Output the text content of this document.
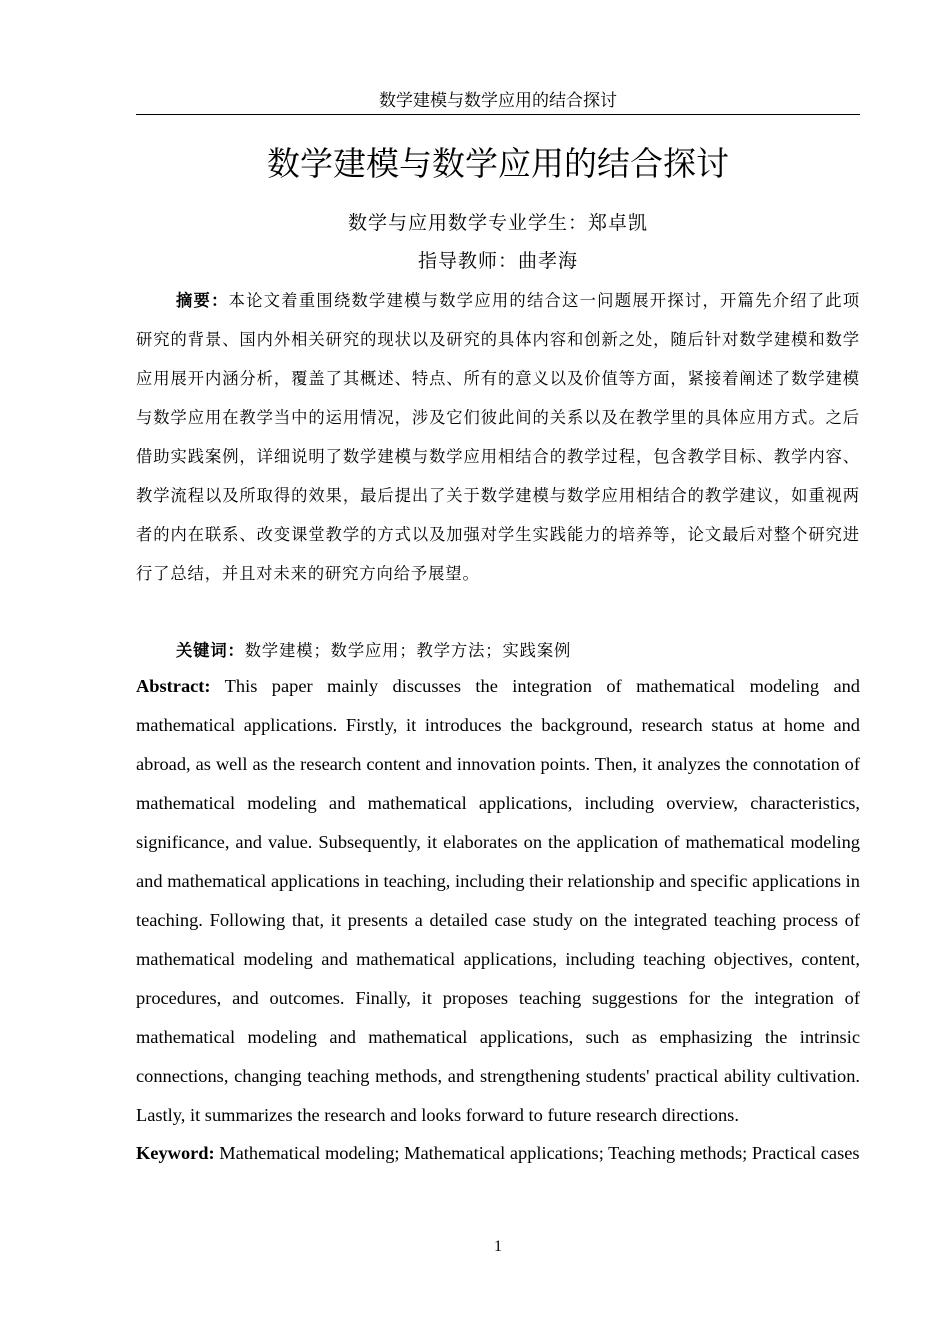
数学建模与数学应用的结合探讨
数学建模与数学应用的结合探讨
数学与应用数学专业学生：郑卓凯
指导教师：曲孝海
摘要：本论文着重围绕数学建模与数学应用的结合这一问题展开探讨，开篇先介绍了此项研究的背景、国内外相关研究的现状以及研究的具体内容和创新之处，随后针对数学建模和数学应用展开内涵分析，覆盖了其概述、特点、所有的意义以及价值等方面，紧接着阐述了数学建模与数学应用在教学当中的运用情况，涉及它们彼此间的关系以及在教学里的具体应用方式。之后借助实践案例，详细说明了数学建模与数学应用相结合的教学过程，包含教学目标、教学内容、教学流程以及所取得的效果，最后提出了关于数学建模与数学应用相结合的教学建议，如重视两者的内在联系、改变课堂教学的方式以及加强对学生实践能力的培养等，论文最后对整个研究进行了总结，并且对未来的研究方向给予展望。
关键词：数学建模；数学应用；教学方法；实践案例
Abstract: This paper mainly discusses the integration of mathematical modeling and mathematical applications. Firstly, it introduces the background, research status at home and abroad, as well as the research content and innovation points. Then, it analyzes the connotation of mathematical modeling and mathematical applications, including overview, characteristics, significance, and value. Subsequently, it elaborates on the application of mathematical modeling and mathematical applications in teaching, including their relationship and specific applications in teaching. Following that, it presents a detailed case study on the integrated teaching process of mathematical modeling and mathematical applications, including teaching objectives, content, procedures, and outcomes. Finally, it proposes teaching suggestions for the integration of mathematical modeling and mathematical applications, such as emphasizing the intrinsic connections, changing teaching methods, and strengthening students' practical ability cultivation. Lastly, it summarizes the research and looks forward to future research directions.
Keyword: Mathematical modeling; Mathematical applications; Teaching methods; Practical cases
1
